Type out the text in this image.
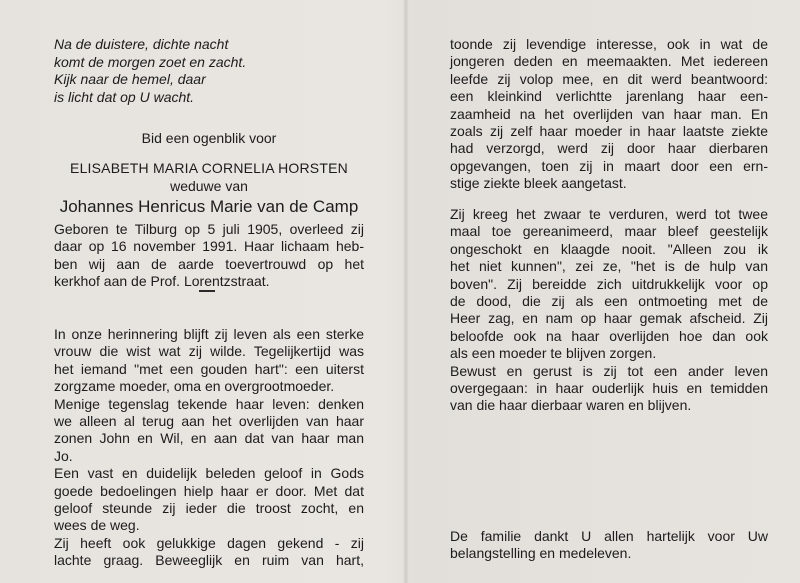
Na de duistere, dichte nacht
komt de morgen zoet en zacht.
Kijk naar de hemel, daar
is licht dat op U wacht.
Bid een ogenblik voor
ELISABETH MARIA CORNELIA HORSTEN
weduwe van
Johannes Henricus Marie van de Camp
Geboren te Tilburg op 5 juli 1905, overleed zij
daar op 16 november 1991. Haar lichaam heb-
ben wij aan de aarde toevertrouwd op het
kerkhof aan de Prof. Lorentzstraat.
In onze herinnering blijft zij leven als een sterke
vrouw die wist wat zij wilde. Tegelijkertijd was
het iemand "met een gouden hart": een uiterst
zorgzame moeder, oma en overgrootmoeder.
Menige tegenslag tekende haar leven: denken
we alleen al terug aan het overlijden van haar
zonen John en Wil, en aan dat van haar man
Jo.
Een vast en duidelijk beleden geloof in Gods
goede bedoelingen hielp haar er door. Met dat
geloof steunde zij ieder die troost zocht, en
wees de weg.
Zij heeft ook gelukkige dagen gekend - zij
lachte graag. Beweeglijk en ruim van hart,
toonde zij levendige interesse, ook in wat de
jongeren deden en meemaakten. Met iedereen
leefde zij volop mee, en dit werd beantwoord:
een kleinkind verlichtte jarenlang haar een-
zaamheid na het overlijden van haar man. En
zoals zij zelf haar moeder in haar laatste ziekte
had verzorgd, werd zij door haar dierbaren
opgevangen, toen zij in maart door een ern-
stige ziekte bleek aangetast.
Zij kreeg het zwaar te verduren, werd tot twee
maal toe gereanimeerd, maar bleef geestelijk
ongeschokt en klaagde nooit. "Alleen zou ik
het niet kunnen", zei ze, "het is de hulp van
boven". Zij bereidde zich uitdrukkelijk voor op
de dood, die zij als een ontmoeting met de
Heer zag, en nam op haar gemak afscheid. Zij
beloofde ook na haar overlijden hoe dan ook
als een moeder te blijven zorgen.
Bewust en gerust is zij tot een ander leven
overgegaan: in haar ouderlijk huis en temidden
van die haar dierbaar waren en blijven.
De familie dankt U allen hartelijk voor Uw
belangstelling en medeleven.
